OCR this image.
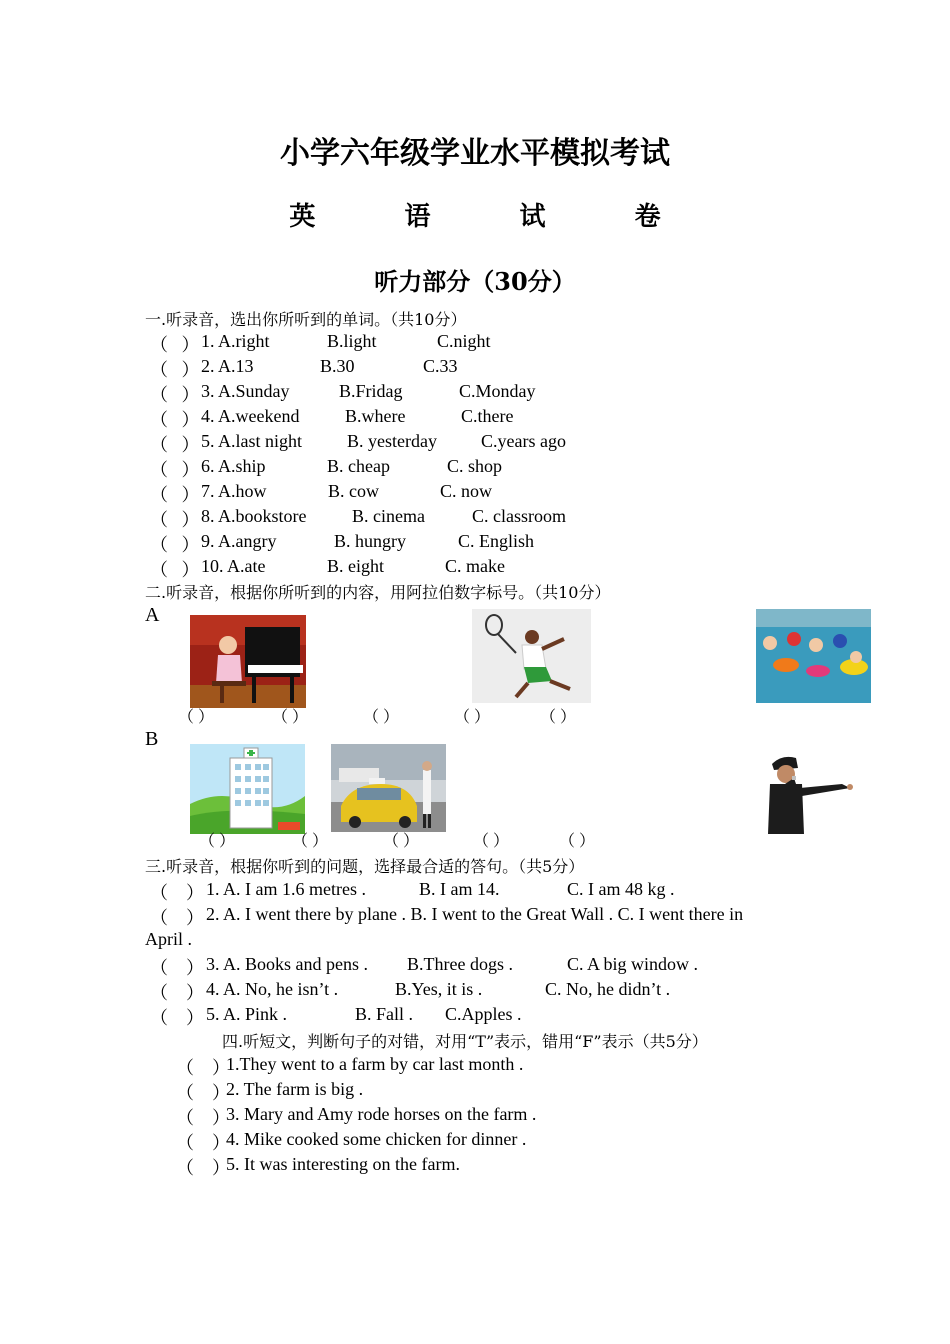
小学六年级学业水平模拟考试
英 语 试 卷
听力部分（30分）
一.听录音，选出你所听到的单词。（共10分）
（   ） 1. A.right	B.light	C.night
（   ） 2. A.13	B.30	C.33
（   ） 3. A.Sunday	B.Fridag	C.Monday
（   ） 4. A.weekend	B.where	C.there
（   ） 5. A.last night B. yesterday C.years ago
（   ） 6. A.ship	B. cheap	C. shop
（   ） 7. A.how	B. cow	C. now
（   ） 8. A.bookstore	B. cinema	C. classroom
（   ） 9. A.angry	B. hungry	C. English
（   ） 10. A.ate	B. eight	C. make
二.听录音，根据你所听到的内容，用阿拉伯数字标号。（共10分）
A
（ ）	（ ）	（ ）	（ ）	（ ）
B
（ ）	（ ）	（ ）	（ ）	（ ）
三.听录音，根据你听到的问题，选择最合适的答句。（共5分）
（    ） 1. A. I am 1.6 metres .	B. I am 14.	C. I am 48 kg .
（    ） 2. A. I went there by plane . B. I went to the Great Wall . C. I went there in
April .
（    ） 3. A. Books and pens . B.Three dogs .	C. A big window .
（    ） 4. A. No, he isn’t .	B.Yes, it is .	C. No, he didn’t .
（    ） 5. A. Pink .	B. Fall . C.Apples .
四.听短文，判断句子的对错，对用“T”表示，错用“F”表示（共5分）
（    ）
1.They went to a farm by car last month .
（    ）
2. The farm is big .
（    ）
3. Mary and Amy rode horses on the farm .
（    ）
4. Mike cooked some chicken for dinner .
（    ）
5. It was interesting on the farm.
